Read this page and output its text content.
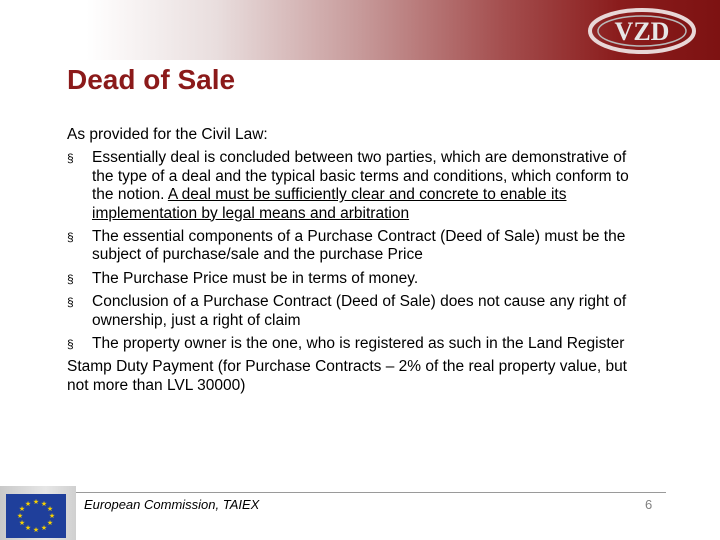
VZD
Dead of Sale
As provided for the Civil Law:
§ Essentially deal is concluded between two parties, which are demonstrative of the type of a deal and the typical basic terms and conditions, which conform to the notion. A deal must be sufficiently clear and concrete to enable its implementation by legal means and arbitration
§ The essential components of a Purchase Contract (Deed of Sale) must be the subject of purchase/sale and the purchase Price
§ The Purchase Price must be in terms of money.
§ Conclusion of a Purchase Contract (Deed of Sale) does not cause any right of ownership, just a right of claim
§ The property owner is the one, who is registered as such in the Land Register
Stamp Duty Payment (for Purchase Contracts – 2% of the real property value, but not more than LVL 30000)
★ ★
★
★
★
★
★
★
★
★
★
★	European Commission, TAIEX	6
